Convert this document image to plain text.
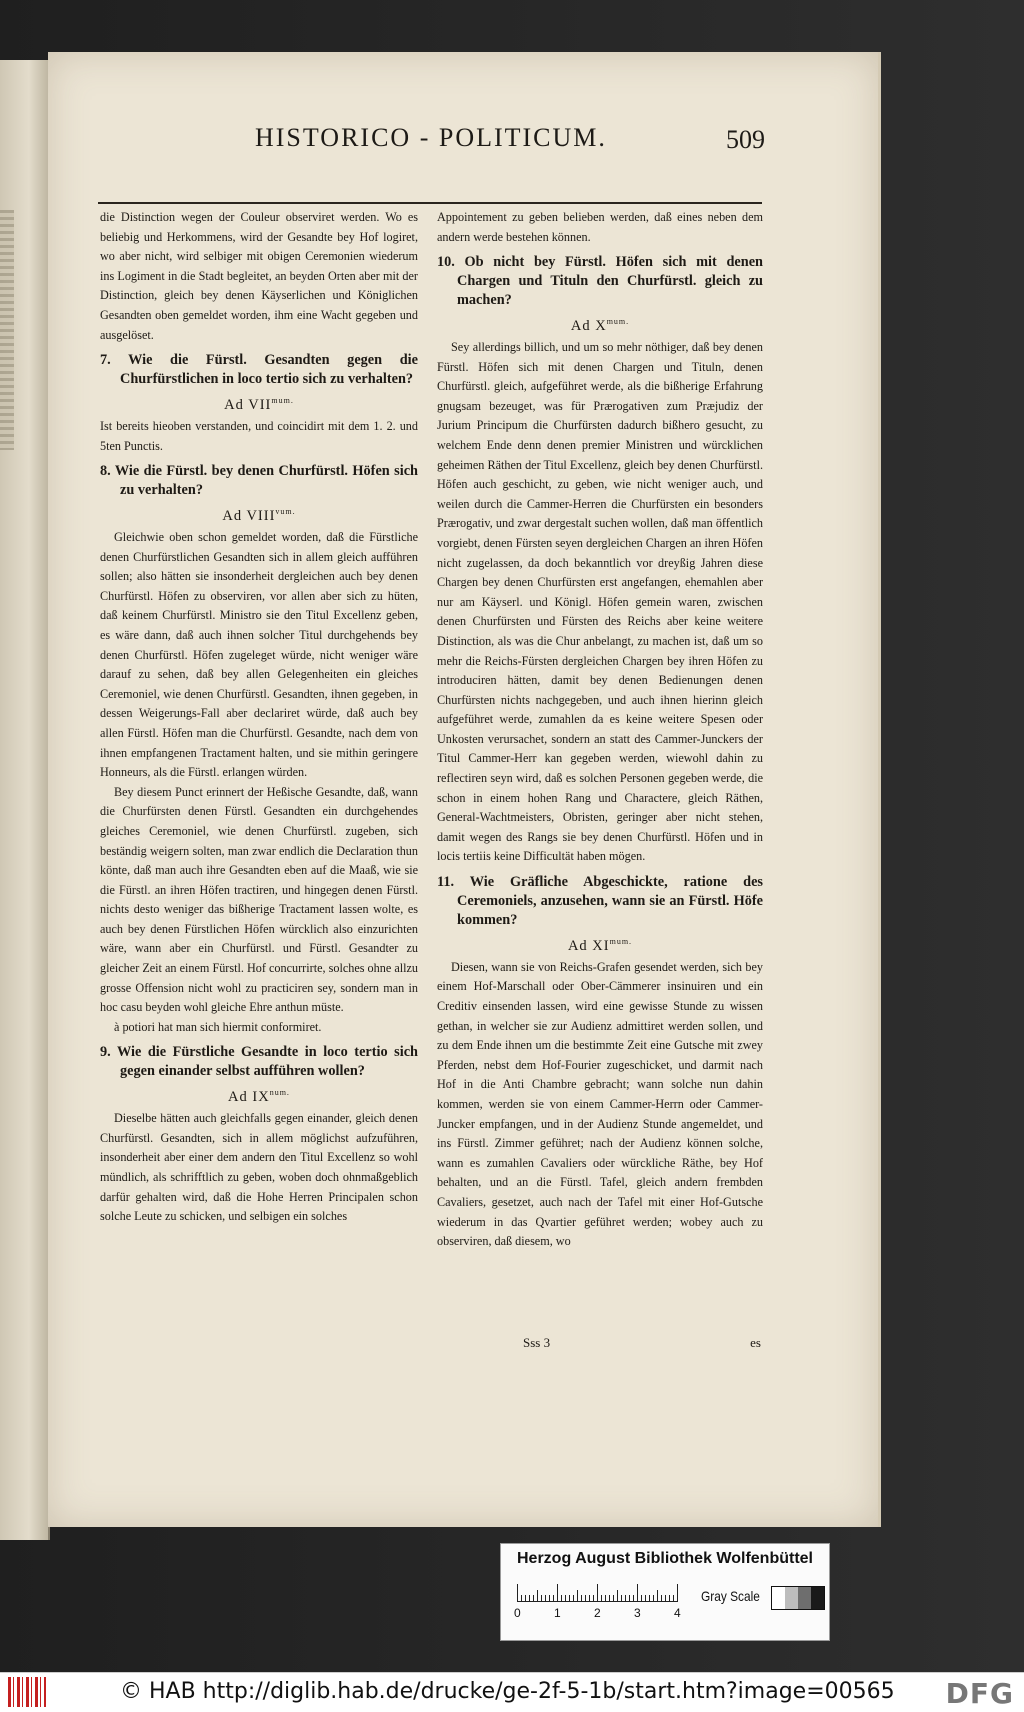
HISTORICO - POLITICUM.	509

die Distinction wegen der Couleur observiret werden. Wo es beliebig und Herkommens, wird der Gesandte bey Hof logiret, wo aber nicht, wird selbiger mit obigen Ceremonien wiederum ins Logiment in die Stadt begleitet, an beyden Orten aber mit der Distinction, gleich bey denen Käyserlichen und Königlichen Gesandten oben gemeldet worden, ihm eine Wacht gegeben und ausgelöset.

7. Wie die Fürstl. Gesandten gegen die Churfürstlichen in loco tertio sich zu verhalten?
Ad $VII^{mum.}$

Ist bereits hieoben verstanden, und coincidirt mit dem 1. 2. und 5ten Punctis.

8. Wie die Fürstl. bey denen Churfürstl. Höfen sich zu verhalten?
Ad $VIII^{vum.}$

Gleichwie oben schon gemeldet worden, daß die Fürstliche denen Churfürstlichen Gesandten sich in allem gleich aufführen sollen; also hätten sie insonderheit dergleichen auch bey denen Churfürstl. Höfen zu observiren, vor allen aber sich zu hüten, daß keinem Churfürstl. Ministro sie den Titul Excellenz geben, es wäre dann, daß auch ihnen solcher Titul durchgehends bey denen Churfürstl. Höfen zugeleget würde, nicht weniger wäre darauf zu sehen, daß bey allen Gelegenheiten ein gleiches Ceremoniel, wie denen Churfürstl. Gesandten, ihnen gegeben, in dessen Weigerungs-Fall aber declariret würde, daß auch bey allen Fürstl. Höfen man die Churfürstl. Gesandte, nach dem von ihnen empfangenen Tractament halten, und sie mithin geringere Honneurs, als die Fürstl. erlangen würden.

Bey diesem Punct erinnert der Heßische Gesandte, daß, wann die Churfürsten denen Fürstl. Gesandten ein durchgehendes gleiches Ceremoniel, wie denen Churfürstl. zugeben, sich beständig weigern solten, man zwar endlich die Declaration thun könte, daß man auch ihre Gesandten eben auf die Maaß, wie sie die Fürstl. an ihren Höfen tractiren, und hingegen denen Fürstl. nichts desto weniger das bißherige Tractament lassen wolte, es auch bey denen Fürstlichen Höfen würcklich also einzurichten wäre, wann aber ein Churfürstl. und Fürstl. Gesandter zu gleicher Zeit an einem Fürstl. Hof concurrirte, solches ohne allzu grosse Offension nicht wohl zu practiciren sey, sondern man in hoc casu beyden wohl gleiche Ehre anthun müste.

à potiori hat man sich hiermit conformiret.

9. Wie die Fürstliche Gesandte in loco tertio sich gegen einander selbst aufführen wollen?
Ad $IX^{num.}$

Dieselbe hätten auch gleichfalls gegen einander, gleich denen Churfürstl. Gesandten, sich in allem möglichst aufzuführen, insonderheit aber einer dem andern den Titul Excellenz so wohl mündlich, als schrifftlich zu geben, woben doch ohnmaßgeblich darfür gehalten wird, daß die Hohe Herren Principalen schon solche Leute zu schicken, und selbigen ein solches

Appointement zu geben belieben werden, daß eines neben dem andern werde bestehen können.

10. Ob nicht bey Fürstl. Höfen sich mit denen Chargen und Tituln den Churfürstl. gleich zu machen?
Ad $X^{mum.}$

Sey allerdings billich, und um so mehr nöthiger, daß bey denen Fürstl. Höfen sich mit denen Chargen und Tituln, denen Churfürstl. gleich, aufgeführet werde, als die bißherige Erfahrung gnugsam bezeuget, was für Prærogativen zum Præjudiz der Jurium Principum die Churfürsten dadurch bißhero gesucht, zu welchem Ende denn denen premier Ministren und würcklichen geheimen Räthen der Titul Excellenz, gleich bey denen Churfürstl. Höfen auch geschicht, zu geben, wie nicht weniger auch, und weilen durch die Cammer-Herren die Churfürsten ein besonders Prærogativ, und zwar dergestalt suchen wollen, daß man öffentlich vorgiebt, denen Fürsten seyen dergleichen Chargen an ihren Höfen nicht zugelassen, da doch bekanntlich vor dreyßig Jahren diese Chargen bey denen Churfürsten erst angefangen, ehemahlen aber nur am Käyserl. und Königl. Höfen gemein waren, zwischen denen Churfürsten und Fürsten des Reichs aber keine weitere Distinction, als was die Chur anbelangt, zu machen ist, daß um so mehr die Reichs-Fürsten dergleichen Chargen bey ihren Höfen zu introduciren hätten, damit bey denen Bedienungen denen Churfürsten nichts nachgegeben, und auch ihnen hierinn gleich aufgeführet werde, zumahlen da es keine weitere Spesen oder Unkosten verursachet, sondern an statt des Cammer-Junckers der Titul Cammer-Herr kan gegeben werden, wiewohl dahin zu reflectiren seyn wird, daß es solchen Personen gegeben werde, die schon in einem hohen Rang und Charactere, gleich Räthen, General-Wachtmeisters, Obristen, geringer aber nicht stehen, damit wegen des Rangs sie bey denen Churfürstl. Höfen und in locis tertiis keine Difficultät haben mögen.

11. Wie Gräfliche Abgeschickte, ratione des Ceremoniels, anzusehen, wann sie an Fürstl. Höfe kommen?
Ad $XI^{mum.}$

Diesen, wann sie von Reichs-Grafen gesendet werden, sich bey einem Hof-Marschall oder Ober-Cämmerer insinuiren und ein Creditiv einsenden lassen, wird eine gewisse Stunde zu wissen gethan, in welcher sie zur Audienz admittiret werden sollen, und zu dem Ende ihnen um die bestimmte Zeit eine Gutsche mit zwey Pferden, nebst dem Hof-Fourier zugeschicket, und darmit nach Hof in die Anti Chambre gebracht; wann solche nun dahin kommen, werden sie von einem Cammer-Herrn oder Cammer-Juncker empfangen, und in der Audienz Stunde angemeldet, und ins Fürstl. Zimmer geführet; nach der Audienz können solche, wann es zumahlen Cavaliers oder würckliche Räthe, bey Hof behalten, und an die Fürstl. Tafel, gleich andern frembden Cavaliers, gesetzet, auch nach der Tafel mit einer Hof-Gutsche wiederum in das Qvartier geführet werden; wobey auch zu observiren, daß diesem, wo

Sss 3	es
Herzog August Bibliothek Wolfenbüttel
0	1	2	3	4
Gray Scale
© HAB http://diglib.hab.de/drucke/ge-2f-5-1b/start.htm?image=00565 DFG
